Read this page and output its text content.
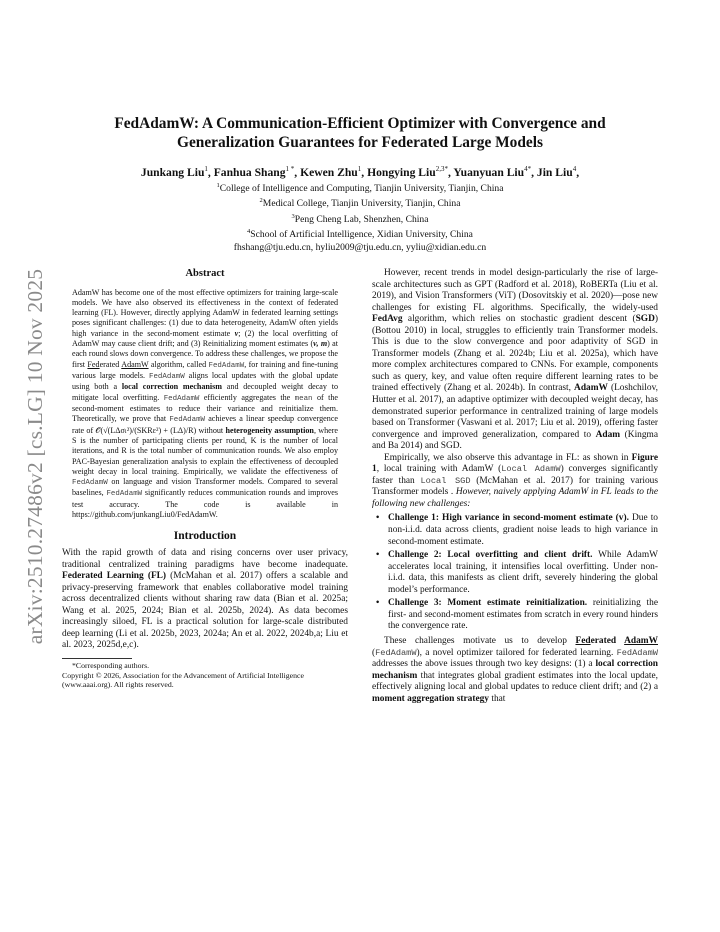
arXiv:2510.27486v2 [cs.LG] 10 Nov 2025
FedAdamW: A Communication-Efficient Optimizer with Convergence and
Generalization Guarantees for Federated Large Models
Junkang Liu$^1$, Fanhua Shang$^{1 *}$, Kewen Zhu$^1$, Hongying Liu$^{2,3*}$, Yuanyuan Liu$^{4*}$, Jin Liu$^4$,
$^1$College of Intelligence and Computing, Tianjin University, Tianjin, China
$^2$Medical College, Tianjin University, Tianjin, China
$^3$Peng Cheng Lab, Shenzhen, China
$^4$School of Artificial Intelligence, Xidian University, China
fhshang@tju.edu.cn, hyliu2009@tju.edu.cn, yyliu@xidian.edu.cn
Abstract
AdamW has become one of the most effective optimizers for training large-scale models. We have also observed its effectiveness in the context of federated learning (FL). However, directly applying AdamW in federated learning settings poses significant challenges: (1) due to data heterogeneity, AdamW often yields high variance in the second-moment estimate v; (2) the local overfitting of AdamW may cause client drift; and (3) Reinitializing moment estimates (v, m) at each round slows down convergence. To address these challenges, we propose the first Federated AdamW algorithm, called FedAdamW, for training and fine-tuning various large models. FedAdamW aligns local updates with the global update using both a local correction mechanism and decoupled weight decay to mitigate local overfitting. FedAdamW efficiently aggregates the mean of the second-moment estimates to reduce their variance and reinitialize them. Theoretically, we prove that FedAdamW achieves a linear speedup convergence rate of 𝒪(√(LΔσₗ²)/(SKRε²) + (LΔ)/R) without heterogeneity assumption, where S is the number of participating clients per round, K is the number of local iterations, and R is the total number of communication rounds. We also employ PAC-Bayesian generalization analysis to explain the effectiveness of decoupled weight decay in local training. Empirically, we validate the effectiveness of FedAdamW on language and vision Transformer models. Compared to several baselines, FedAdamW significantly reduces communication rounds and improves test accuracy. The code is available in https://github.com/junkangLiu0/FedAdamW.
Introduction
With the rapid growth of data and rising concerns over user privacy, traditional centralized training paradigms have become inadequate. Federated Learning (FL) (McMahan et al. 2017) offers a scalable and privacy-preserving framework that enables collaborative model training across decentralized clients without sharing raw data (Bian et al. 2025a; Wang et al. 2025, 2024; Bian et al. 2025b, 2024). As data becomes increasingly siloed, FL is a practical solution for large-scale distributed deep learning (Li et al. 2025b, 2023, 2024a; An et al. 2022, 2024b,a; Liu et al. 2023, 2025d,e,c).
*Corresponding authors.
Copyright © 2026, Association for the Advancement of Artificial Intelligence (www.aaai.org). All rights reserved.
However, recent trends in model design-particularly the rise of large-scale architectures such as GPT (Radford et al. 2018), RoBERTa (Liu et al. 2019), and Vision Transformers (ViT) (Dosovitskiy et al. 2020)—pose new challenges for existing FL algorithms. Specifically, the widely-used FedAvg algorithm, which relies on stochastic gradient descent (SGD) (Bottou 2010) in local, struggles to efficiently train Transformer models. This is due to the slow convergence and poor adaptivity of SGD in Transformer models (Zhang et al. 2024b; Liu et al. 2025a), which have more complex architectures compared to CNNs. For example, components such as query, key, and value often require different learning rates to be trained effectively (Zhang et al. 2024b). In contrast, AdamW (Loshchilov, Hutter et al. 2017), an adaptive optimizer with decoupled weight decay, has demonstrated superior performance in centralized training of large models based on Transformer (Vaswani et al. 2017; Liu et al. 2019), offering faster convergence and improved generalization, compared to Adam (Kingma and Ba 2014) and SGD.
Empirically, we also observe this advantage in FL: as shown in Figure 1, local training with AdamW (Local AdamW) converges significantly faster than Local SGD (McMahan et al. 2017) for training various Transformer models . However, naively applying AdamW in FL leads to the following new challenges:
• Challenge 1: High variance in second-moment estimate (v). Due to non-i.i.d. data across clients, gradient noise leads to high variance in second-moment estimate.
• Challenge 2: Local overfitting and client drift. While AdamW accelerates local training, it intensifies local overfitting. Under non-i.i.d. data, this manifests as client drift, severely hindering the global model’s performance.
• Challenge 3: Moment estimate reinitialization. reinitializing the first- and second-moment estimates from scratch in every round hinders the convergence rate.
These challenges motivate us to develop Federated AdamW (FedAdamW), a novel optimizer tailored for federated learning. FedAdamW addresses the above issues through two key designs: (1) a local correction mechanism that integrates global gradient estimates into the local update, effectively aligning local and global updates to reduce client drift; and (2) a moment aggregation strategy that
